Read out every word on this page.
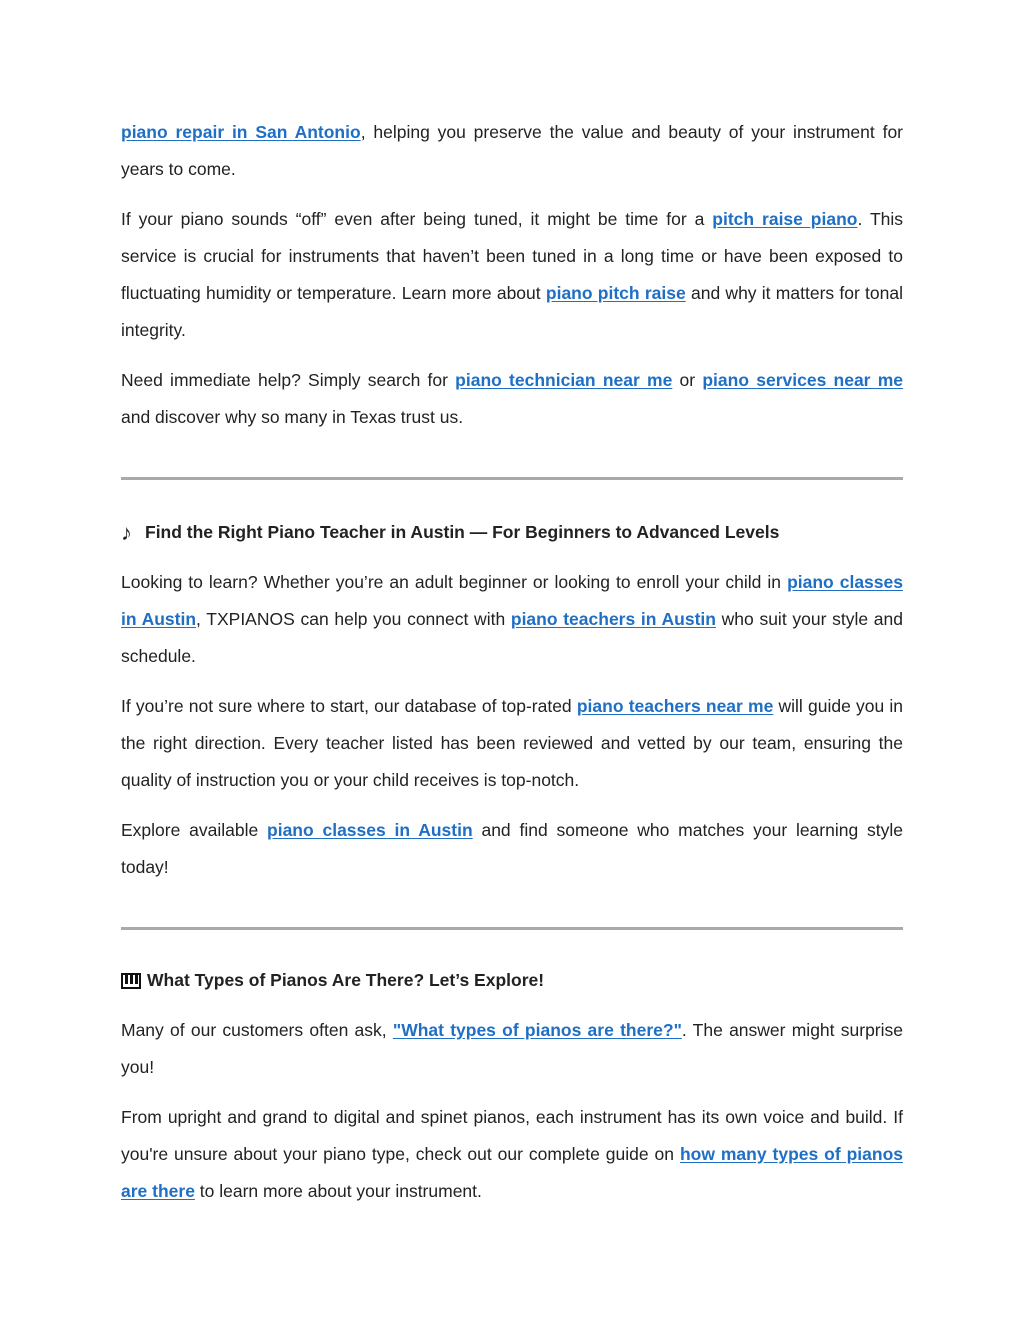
piano repair in San Antonio, helping you preserve the value and beauty of your instrument for years to come.

If your piano sounds “off” even after being tuned, it might be time for a pitch raise piano. This service is crucial for instruments that haven’t been tuned in a long time or have been exposed to fluctuating humidity or temperature. Learn more about piano pitch raise and why it matters for tonal integrity.

Need immediate help? Simply search for piano technician near me or piano services near me and discover why so many in Texas trust us.

♪ Find the Right Piano Teacher in Austin — For Beginners to Advanced Levels

Looking to learn? Whether you’re an adult beginner or looking to enroll your child in piano classes in Austin, TXPIANOS can help you connect with piano teachers in Austin who suit your style and schedule.

If you’re not sure where to start, our database of top-rated piano teachers near me will guide you in the right direction. Every teacher listed has been reviewed and vetted by our team, ensuring the quality of instruction you or your child receives is top-notch.

Explore available piano classes in Austin and find someone who matches your learning style today!

What Types of Pianos Are There? Let’s Explore!

Many of our customers often ask, "What types of pianos are there?". The answer might surprise you!

From upright and grand to digital and spinet pianos, each instrument has its own voice and build. If you're unsure about your piano type, check out our complete guide on how many types of pianos are there to learn more about your instrument.
